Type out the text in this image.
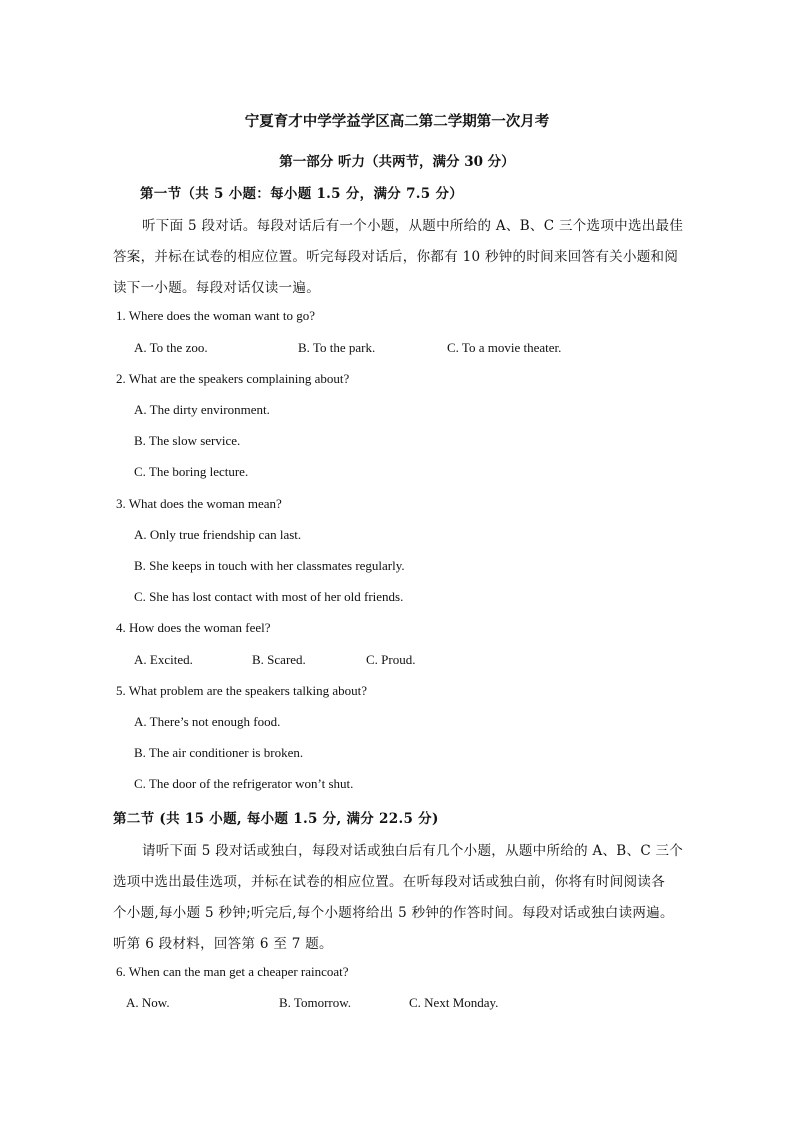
宁夏育才中学学益学区高二第二学期第一次月考
第一部分 听力（共两节，满分 30 分）
第一节（共 5 小题：每小题 1.5 分，满分 7.5 分）
听下面 5 段对话。每段对话后有一个小题，从题中所给的 A、B、C 三个选项中选出最佳
答案，并标在试卷的相应位置。听完每段对话后，你都有 10 秒钟的时间来回答有关小题和阅
读下一小题。每段对话仅读一遍。
1. Where does the woman want to go?
A. To the zoo.	B. To the park.	C. To a movie theater.
2. What are the speakers complaining about?
A. The dirty environment.
B. The slow service.
C. The boring lecture.
3. What does the woman mean?
A. Only true friendship can last.
B. She keeps in touch with her classmates regularly.
C. She has lost contact with most of her old friends.
4. How does the woman feel?
A. Excited.	B. Scared.	C. Proud.
5. What problem are the speakers talking about?
A. There’s not enough food.
B. The air conditioner is broken.
C. The door of the refrigerator won’t shut.
第二节 (共 15 小题, 每小题 1.5 分, 满分 22.5 分)
请听下面 5 段对话或独白，每段对话或独白后有几个小题，从题中所给的 A、B、C 三个
选项中选出最佳选项，并标在试卷的相应位置。在听每段对话或独白前，你将有时间阅读各
个小题,每小题 5 秒钟;听完后,每个小题将给出 5 秒钟的作答时间。每段对话或独白读两遍。
听第 6 段材料，回答第 6 至 7 题。
6. When can the man get a cheaper raincoat?
A. Now.	B. Tomorrow.	C. Next Monday.
